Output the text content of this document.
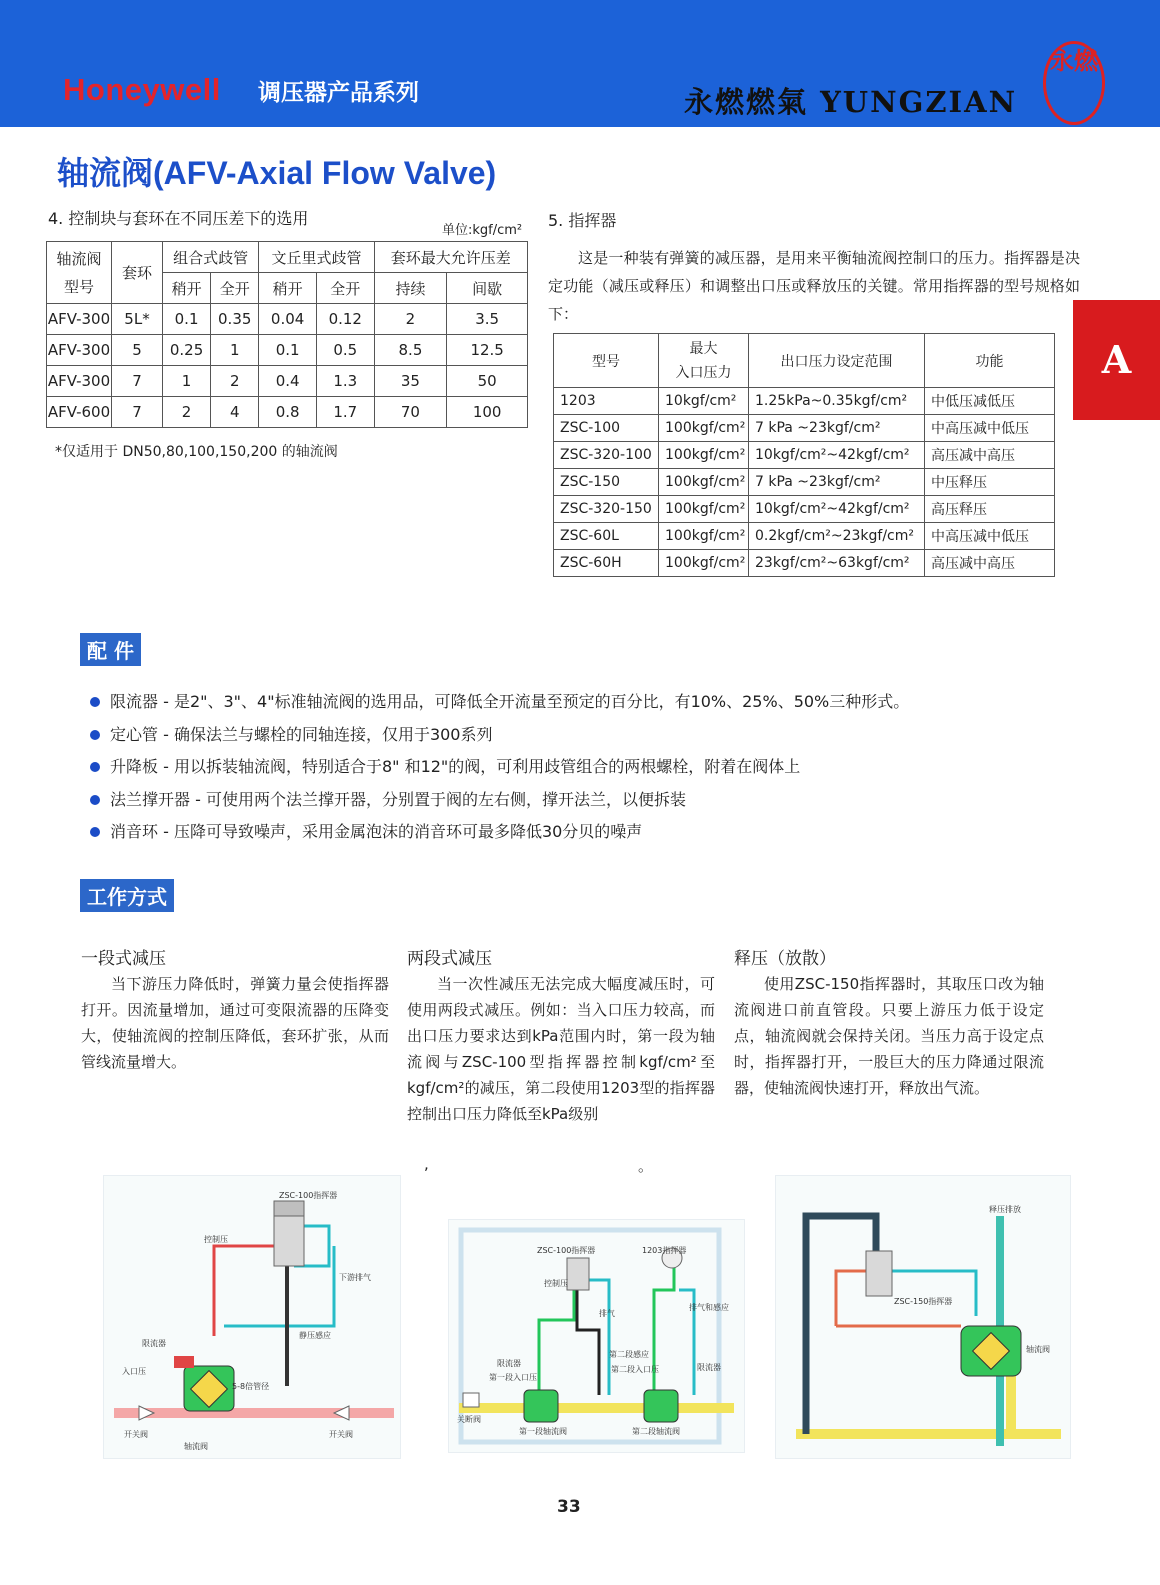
Honeywell 调压器产品系列	永燃燃氣 YUNGZIAN
永燃
轴流阀(AFV-Axial Flow Valve)
A
4. 控制块与套环在不同压差下的选用
单位:kgf/cm²
轴流阀
型号	套环	组合式歧管		文丘里式歧管		套环最大允许压差	
		稍开	全开	稍开	全开	持续	间歇
AFV-300	5L*	0.1	0.35	0.04	0.12	2	3.5
AFV-300	5	0.25	1	0.1	0.5	8.5	12.5
AFV-300	7	1	2	0.4	1.3	35	50
AFV-600	7	2	4	0.8	1.7	70	100
*仅适用于 DN50,80,100,150,200 的轴流阀
5. 指挥器
这是一种装有弹簧的减压器，是用来平衡轴流阀控制口的压力。指挥器是决定功能（减压或释压）和调整出口压或释放压的关键。常用指挥器的型号规格如下：
型号	最大
入口压力	出口压力设定范围	功能
1203	10kgf/cm²	1.25kPa~0.35kgf/cm²	中低压减低压
ZSC-100	100kgf/cm²	7 kPa ~23kgf/cm²	中高压减中低压
ZSC-320-100	100kgf/cm²	10kgf/cm²~42kgf/cm²	高压减中高压
ZSC-150	100kgf/cm²	7 kPa ~23kgf/cm²	中压释压
ZSC-320-150	100kgf/cm²	10kgf/cm²~42kgf/cm²	高压释压
ZSC-60L	100kgf/cm²	0.2kgf/cm²~23kgf/cm²	中高压减中低压
ZSC-60H	100kgf/cm²	23kgf/cm²~63kgf/cm²	高压减中高压
配 件
限流器 - 是2"、3"、4"标准轴流阀的选用品，可降低全开流量至预定的百分比，有10%、25%、50%三种形式。
定心管 - 确保法兰与螺栓的同轴连接，仅用于300系列
升降板 - 用以拆装轴流阀，特别适合于8" 和12"的阀，可利用歧管组合的两根螺栓，附着在阀体上
法兰撑开器 - 可使用两个法兰撑开器，分别置于阀的左右侧，撑开法兰，以便拆装
消音环 - 压降可导致噪声，采用金属泡沫的消音环可最多降低30分贝的噪声
工作方式
一段式减压
当下游压力降低时，弹簧力量会使指挥器打开。因流量增加，通过可变限流器的压降变大，使轴流阀的控制压降低，套环扩张，从而管线流量增大。
两段式减压
当一次性减压无法完成大幅度减压时，可使用两段式减压。例如：当入口压力较高，而出口压力要求达到kPa范围内时，第一段为轴流阀与ZSC-100型指挥器控制kgf/cm²至kgf/cm²的减压，第二段使用1203型的指挥器 控制出口压力降低至kPa级别
释压（放散）
使用ZSC-150指挥器时，其取压口改为轴流阀进口前直管段。只要上游压力低于设定点，轴流阀就会保持关闭。当压力高于设定点时，指挥器打开，一股巨大的压力降通过限流器，使轴流阀快速打开，释放出气流。
,	。
ZSC-100指挥器
控制压
下游排气
静压感应
限流器
入口压
5-8倍管径
开关阀	开关阀
轴流阀
ZSC-100指挥器	1203指挥器
控制压
排气
排气和感应
限流器
第一段入口压
第二段感应
第二段入口压	限流器
关断阀
第一段轴流阀	第二段轴流阀
释压排放
ZSC-150指挥器
轴流阀
33
